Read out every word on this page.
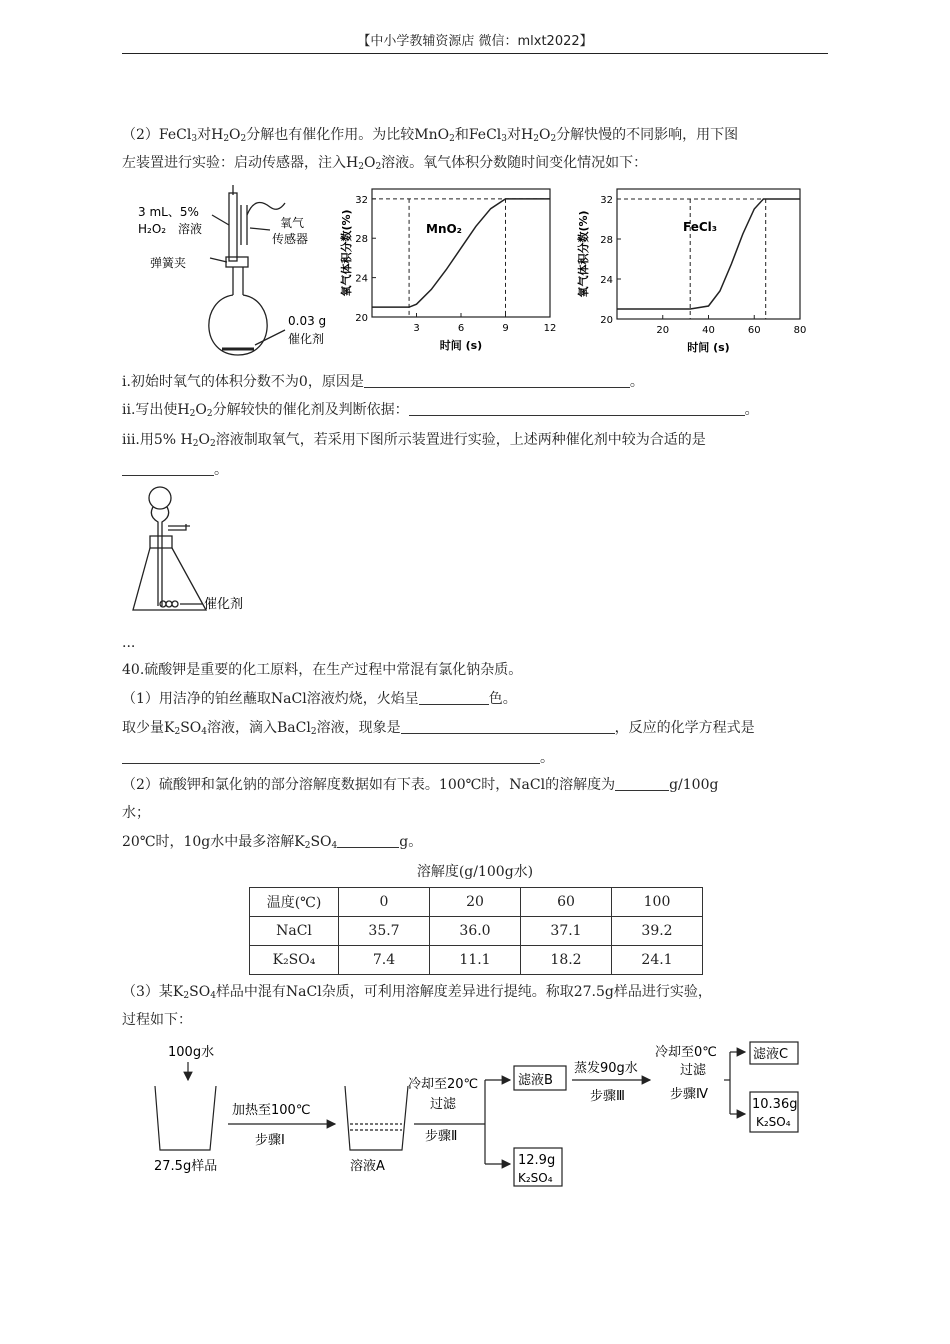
【中小学教辅资源店 微信：mlxt2022】
（2）FeCl$_3$对$H_2O_2$分解也有催化作用。为比较MnO$_2$和FeCl$_3$对$H_2O_2$分解快慢的不同影响，用下图
左装置进行实验：启动传感器，注入$H_2O_2$溶液。氧气体积分数随时间变化情况如下：
3 mL、5%
H₂O₂ 溶液	氧气
传感器
弹簧夹
0.03 g
催化剂
20
24
28
32
3	6	9	12
MnO₂
时间 (s)
氧气体积分数(%)
20
24
28
32
20	40	60	80
FeCl₃
时间 (s)
氧气体积分数(%)
i.初始时氧气的体积分数不为0，原因是	。
ii.写出使$H_2O_2$分解较快的催化剂及判断依据：	。
iii.用5% $H_2O_2$溶液制取氧气，若采用下图所示装置进行实验，上述两种催化剂中较为合适的是
。
催化剂
...
40.硫酸钾是重要的化工原料，在生产过程中常混有氯化钠杂质。
（1）用洁净的铂丝蘸取NaCl溶液灼烧，火焰呈	色。
取少量$K_2SO_4$溶液，滴入BaCl$_2$溶液，现象是	，反应的化学方程式是
。
（2）硫酸钾和氯化钠的部分溶解度数据如有下表。100℃时，NaCl的溶解度为	g/100g
水；
20℃时，10g水中最多溶解$K_2SO_4$	g。
溶解度(g/100g水)
温度(℃)	0	20	60	100
NaCl	35.7	36.0	37.1	39.2
K₂SO₄	7.4	11.1	18.2	24.1
（3）某$K_2SO_4$样品中混有NaCl杂质，可利用溶解度差异进行提纯。称取27.5g样品进行实验，
过程如下：
100g水
27.5g样品
加热至100℃
步骤Ⅰ
溶液A
冷却至20℃
过滤
步骤Ⅱ
滤液B
12.9g
K₂SO₄
蒸发90g水
步骤Ⅲ
冷却至0℃
过滤
步骤Ⅳ
滤液C
10.36g
K₂SO₄
